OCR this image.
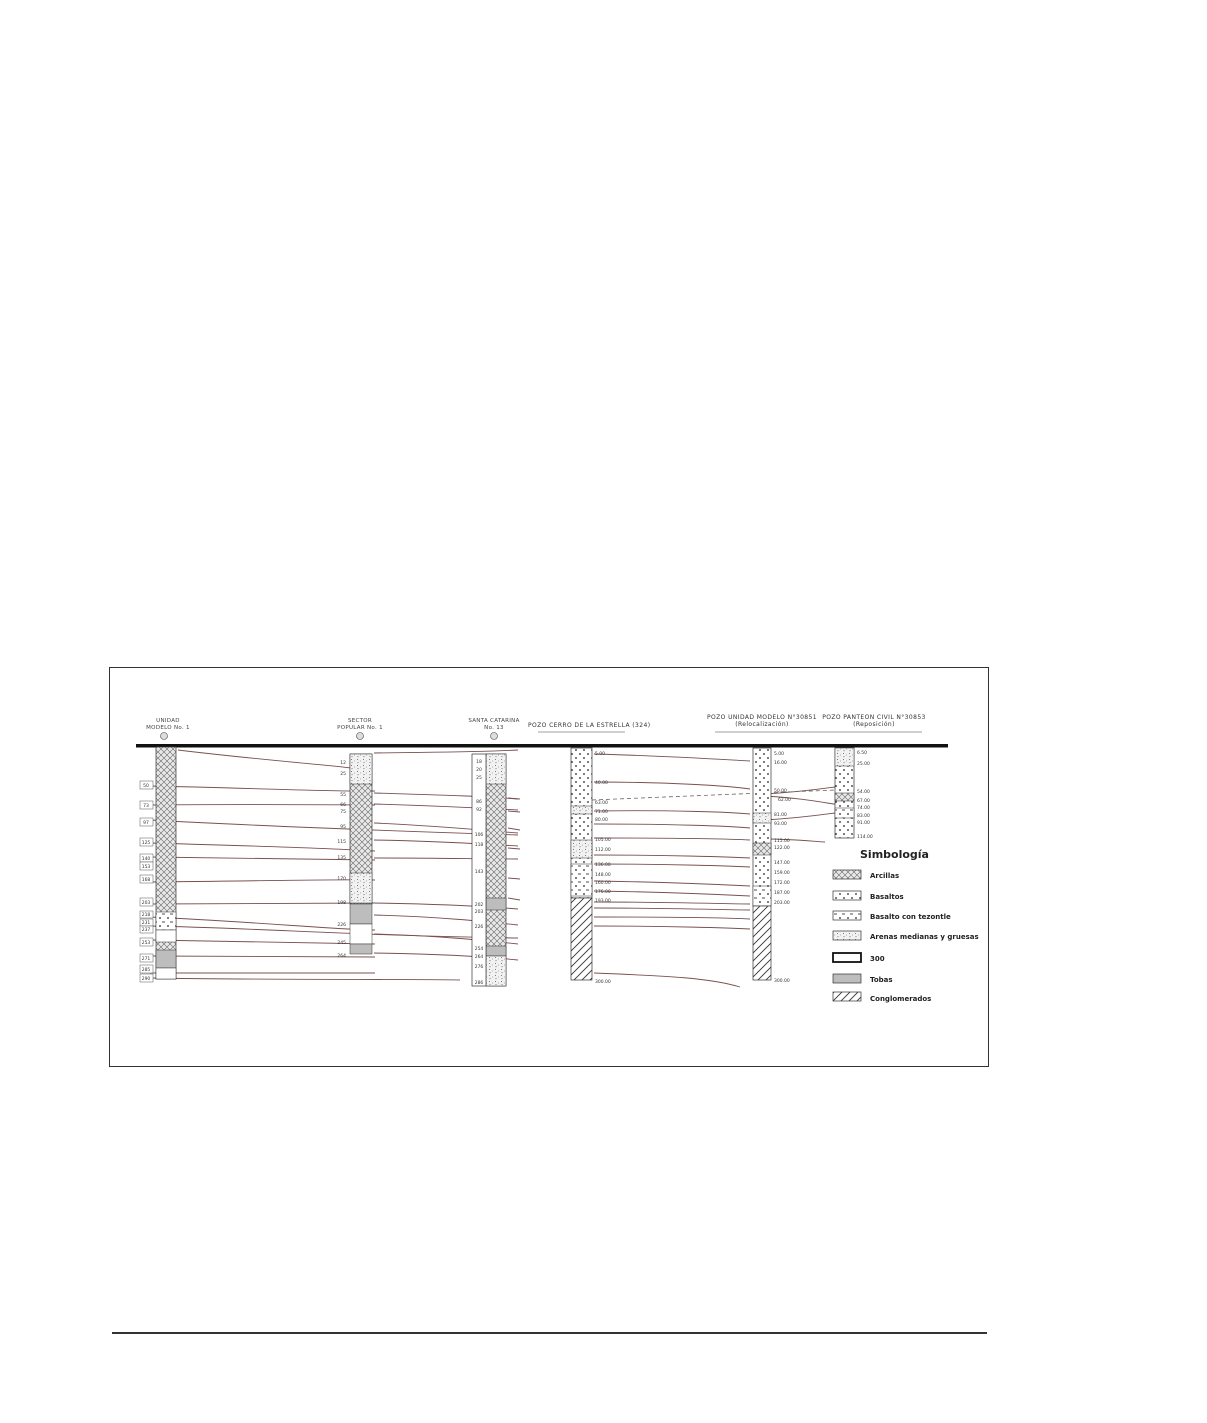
UNIDAD
MODELO No. 1
SECTOR
POPULAR No. 1
SANTA CATARINA
No. 13	POZO CERRO DE LA ESTRELLA (324)
POZO UNIDAD MODELO N°30851
(Relocalización)
POZO PANTEON CIVIL N°30853
(Reposición)
50
73
97
125
140
153
168
203
218
231
237
253
271
285
290
12
25
55
66
75
95
115
135
170
198
226
245
264
18
20
25
86
92
106
118
143
202
203
226
254
264
276
286
5.00
40.00
63.00
71.00
80.00
105.00
112.00
136.00
148.00
160.00
176.00
193.00
300.00
5.00
16.00
50.00
62.00
81.00
93.00
115.00
122.00
147.00
159.00
172.00
187.00
203.00
300.00
6.50
25.00
54.00
67.00
74.00
83.00
91.00
114.00
Simbología
Arcillas
Basaltos
Basalto con tezontle
Arenas medianas y gruesas
300
Tobas
Conglomerados
